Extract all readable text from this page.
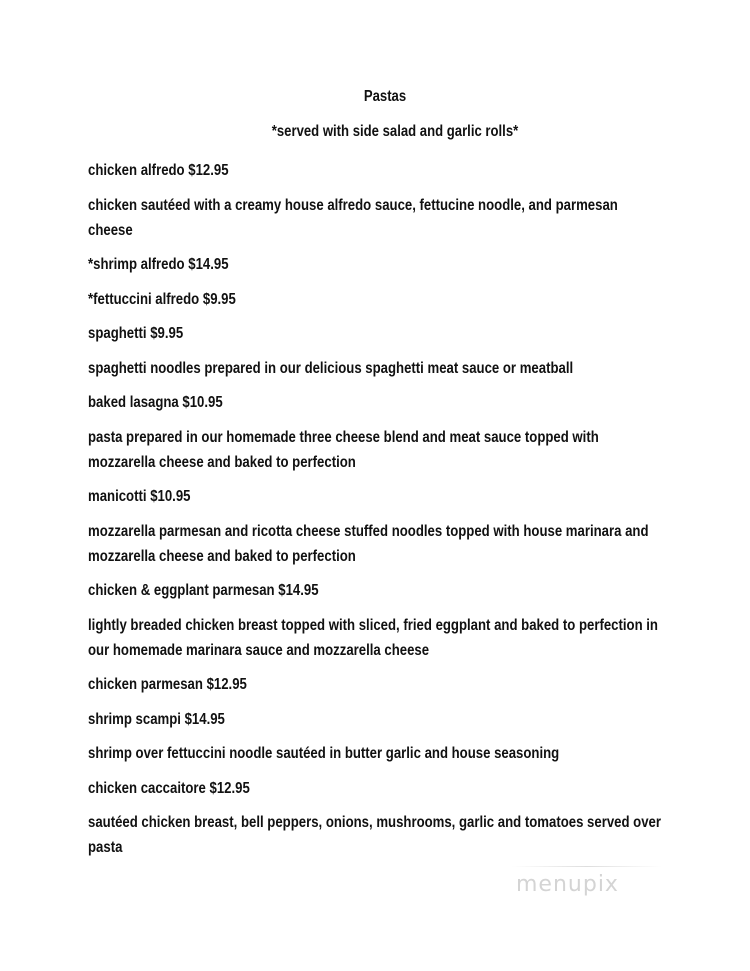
Pastas
*served with side salad and garlic rolls*
chicken alfredo $12.95
chicken sautéed with a creamy house alfredo sauce, fettucine noodle, and parmesan cheese
*shrimp alfredo $14.95
*fettuccini alfredo $9.95
spaghetti $9.95
spaghetti noodles prepared in our delicious spaghetti meat sauce or meatball
baked lasagna $10.95
pasta prepared in our homemade three cheese blend and meat sauce topped with mozzarella cheese and baked to perfection
manicotti $10.95
mozzarella parmesan and ricotta cheese stuffed noodles topped with house marinara and mozzarella cheese and baked to perfection
chicken & eggplant parmesan $14.95
lightly breaded chicken breast topped with sliced, fried eggplant and baked to perfection in our homemade marinara sauce and mozzarella cheese
chicken parmesan $12.95
shrimp scampi $14.95
shrimp over fettuccini noodle sautéed in butter garlic and house seasoning
chicken caccaitore $12.95
sautéed chicken breast, bell peppers, onions, mushrooms, garlic and tomatoes served over pasta
menupix
